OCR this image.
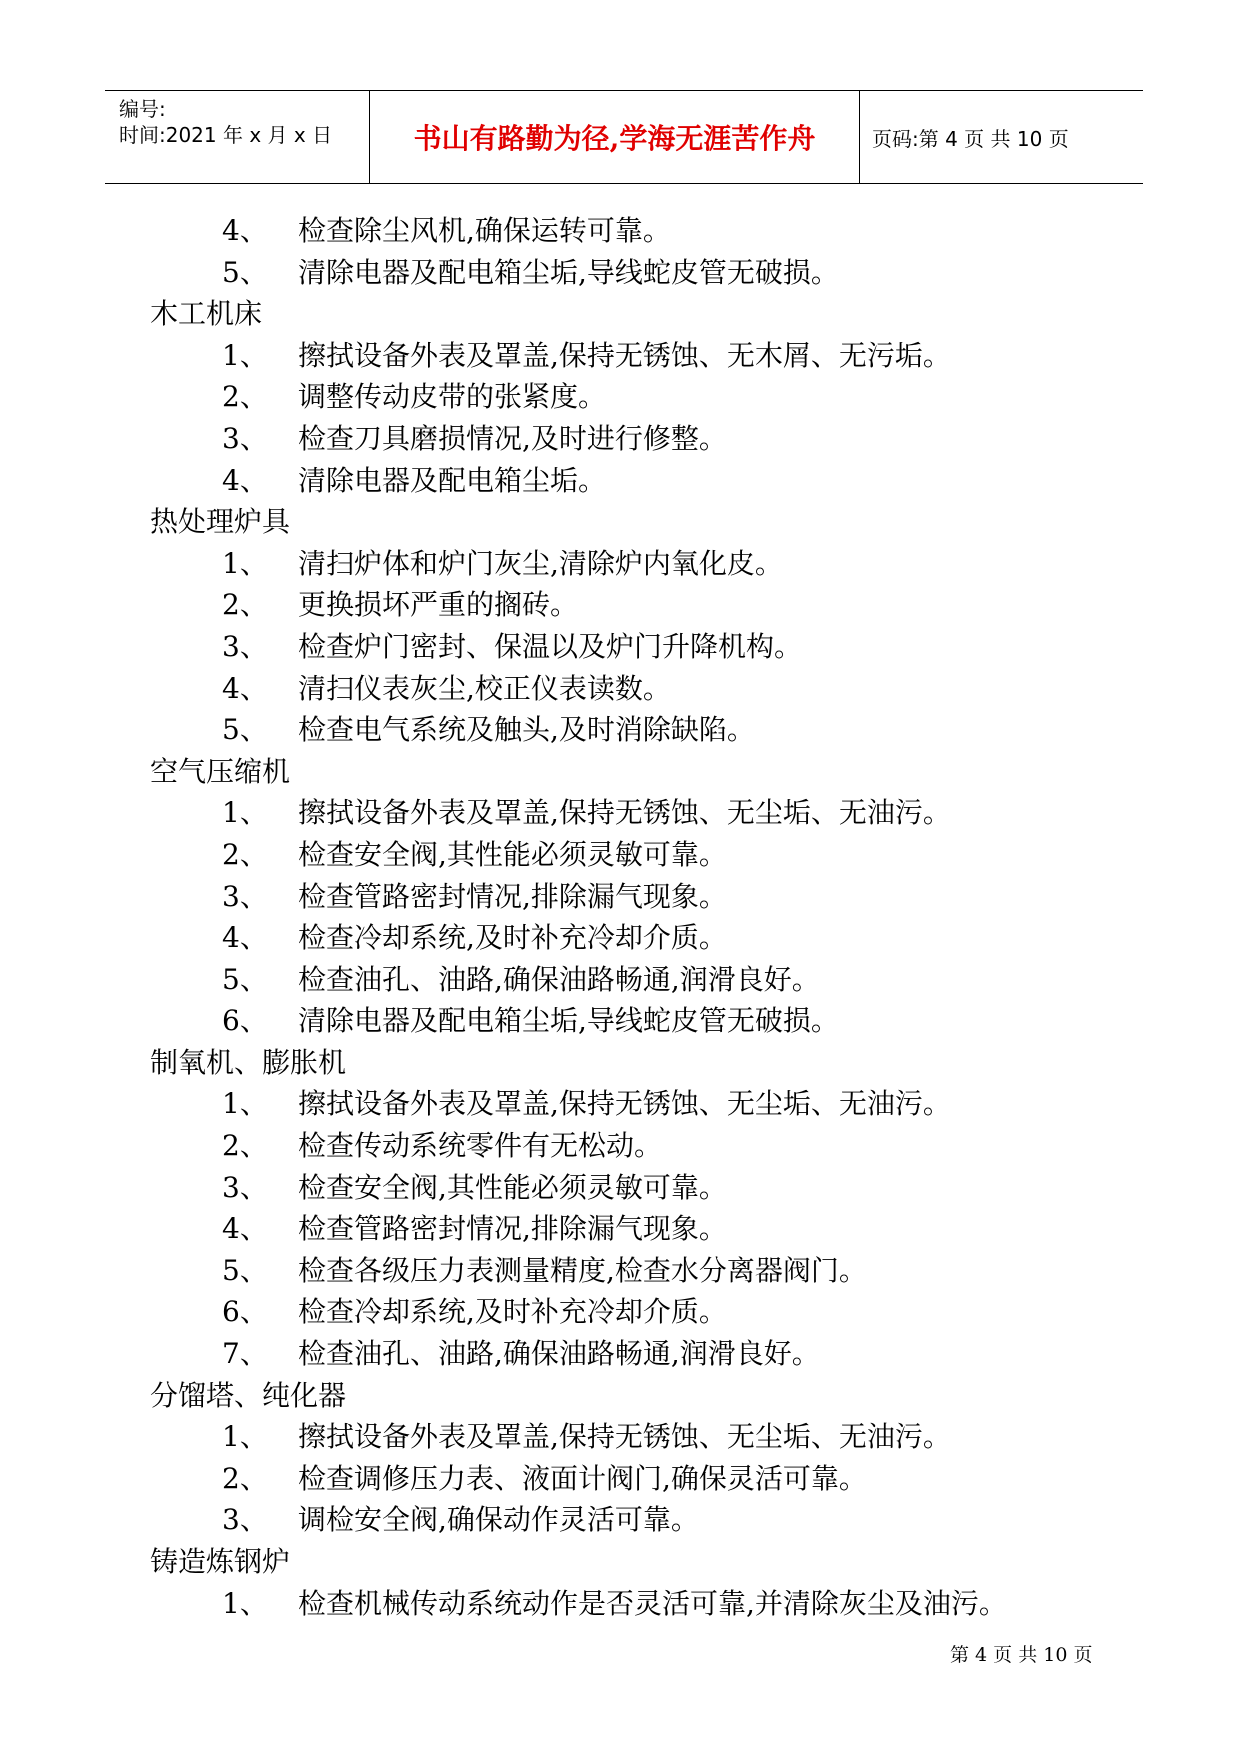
编号:
时间:2021 年 x 月 x 日	书山有路勤为径,学海无涯苦作舟	页码:第 4 页 共 10 页
4、 检查除尘风机,确保运转可靠。
5、 清除电器及配电箱尘垢,导线蛇皮管无破损。
木工机床
1、 擦拭设备外表及罩盖,保持无锈蚀、无木屑、无污垢。
2、 调整传动皮带的张紧度。
3、 检查刀具磨损情况,及时进行修整。
4、 清除电器及配电箱尘垢。
热处理炉具
1、 清扫炉体和炉门灰尘,清除炉内氧化皮。
2、 更换损坏严重的搁砖。
3、 检查炉门密封、保温以及炉门升降机构。
4、 清扫仪表灰尘,校正仪表读数。
5、 检查电气系统及触头,及时消除缺陷。
空气压缩机
1、 擦拭设备外表及罩盖,保持无锈蚀、无尘垢、无油污。
2、 检查安全阀,其性能必须灵敏可靠。
3、 检查管路密封情况,排除漏气现象。
4、 检查冷却系统,及时补充冷却介质。
5、 检查油孔、油路,确保油路畅通,润滑良好。
6、 清除电器及配电箱尘垢,导线蛇皮管无破损。
制氧机、膨胀机
1、 擦拭设备外表及罩盖,保持无锈蚀、无尘垢、无油污。
2、 检查传动系统零件有无松动。
3、 检查安全阀,其性能必须灵敏可靠。
4、 检查管路密封情况,排除漏气现象。
5、 检查各级压力表测量精度,检查水分离器阀门。
6、 检查冷却系统,及时补充冷却介质。
7、 检查油孔、油路,确保油路畅通,润滑良好。
分馏塔、纯化器
1、 擦拭设备外表及罩盖,保持无锈蚀、无尘垢、无油污。
2、 检查调修压力表、液面计阀门,确保灵活可靠。
3、 调检安全阀,确保动作灵活可靠。
铸造炼钢炉
1、 检查机械传动系统动作是否灵活可靠,并清除灰尘及油污。
第 4 页 共 10 页
